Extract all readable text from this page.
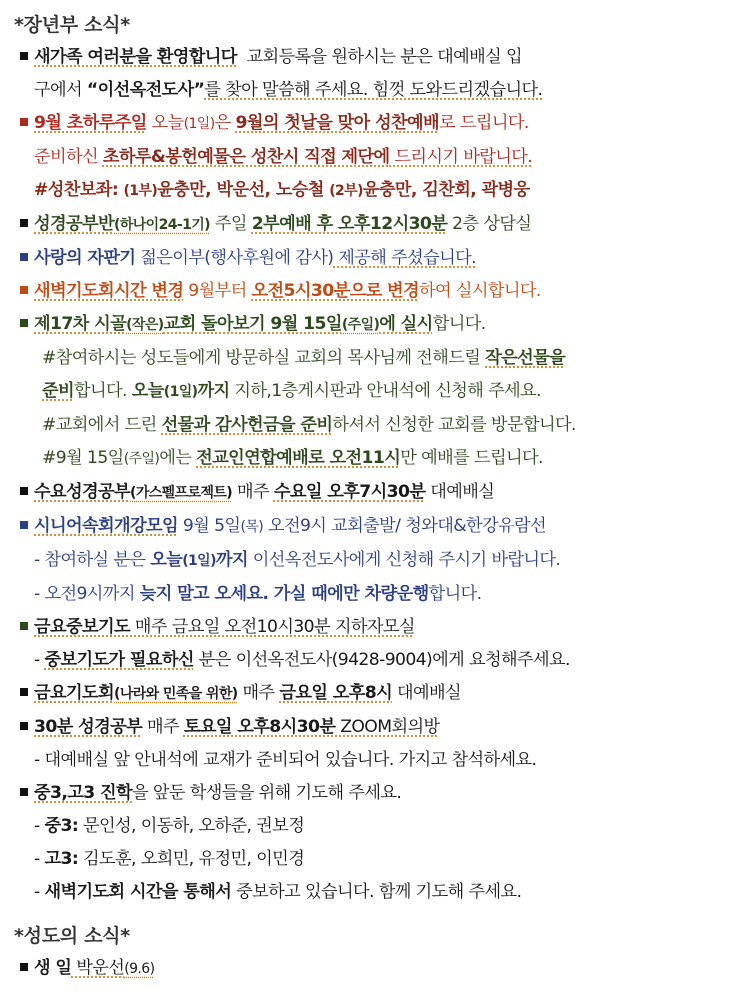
*장년부 소식*
새가족 여러분을 환영합니다 교회등록을 원하시는 분은 대예배실 입
구에서 “이선옥전도사”를 찾아 말씀해 주세요. 힘껏 도와드리겠습니다.
9월 초하루주일 오늘(1일)은 9월의 첫날을 맞아 성찬예배로 드립니다.
준비하신 초하루&봉헌예물은 성찬시 직접 제단에 드리시기 바랍니다.
#성찬보좌: (1부)윤충만, 박운선, 노승철 (2부)윤충만, 김찬회, 곽병웅
성경공부반(하나이24-1기) 주일 2부예배 후 오후12시30분 2층 상담실
사랑의 자판기 젊은이부(행사후원에 감사) 제공해 주셨습니다.
새벽기도회시간 변경 9월부터 오전5시30분으로 변경하여 실시합니다.
제17차 시골(작은)교회 돌아보기 9월 15일(주일)에 실시합니다.
#참여하시는 성도들에게 방문하실 교회의 목사님께 전해드릴 작은선물을
준비합니다. 오늘(1일)까지 지하,1층게시판과 안내석에 신청해 주세요.
#교회에서 드린 선물과 감사헌금을 준비하셔서 신청한 교회를 방문합니다.
#9월 15일(주일)에는 전교인연합예배로 오전11시만 예배를 드립니다.
수요성경공부(가스펠프로젝트) 매주 수요일 오후7시30분 대예배실
시니어속회개강모임 9월 5일(목) 오전9시 교회출발/ 청와대&한강유람선
- 참여하실 분은 오늘(1일)까지 이선옥전도사에게 신청해 주시기 바랍니다.
- 오전9시까지 늦지 말고 오세요. 가실 때에만 차량운행합니다.
금요중보기도 매주 금요일 오전10시30분 지하자모실
- 중보기도가 필요하신 분은 이선옥전도사(9428-9004)에게 요청해주세요.
금요기도회(나라와 민족을 위한) 매주 금요일 오후8시 대예배실
30분 성경공부 매주 토요일 오후8시30분 ZOOM회의방
- 대예배실 앞 안내석에 교재가 준비되어 있습니다. 가지고 참석하세요.
중3,고3 진학을 앞둔 학생들을 위해 기도해 주세요.
- 중3: 문인성, 이동하, 오하준, 권보정
- 고3: 김도훈, 오희민, 유정민, 이민경
- 새벽기도회 시간을 통해서 중보하고 있습니다. 함께 기도해 주세요.
*성도의 소식*
생 일 박운선(9.6)
